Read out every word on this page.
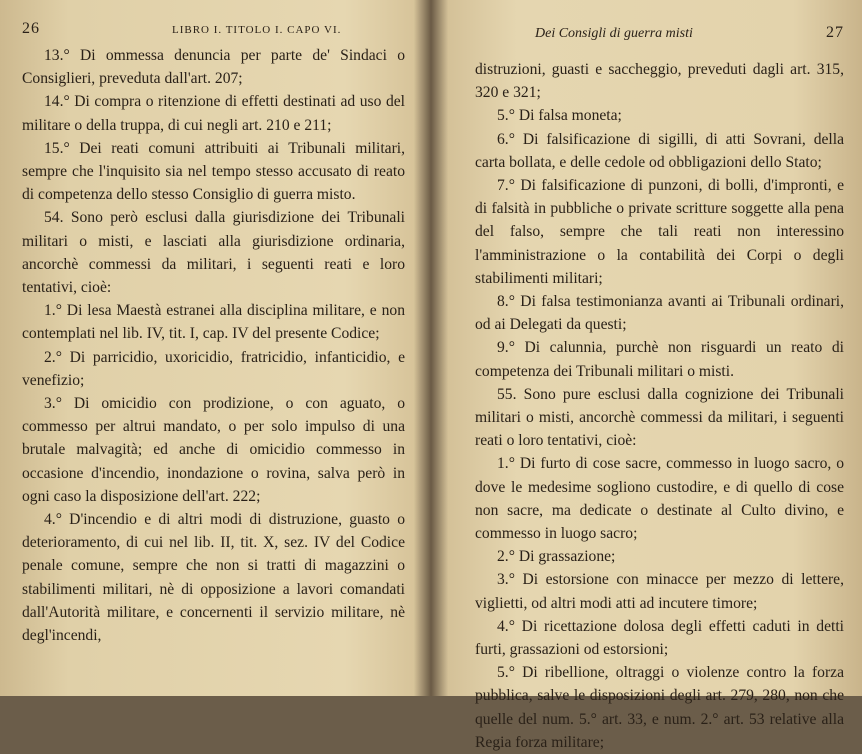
26	LIBRO I. TITOLO I. CAPO VI.

13.° Di ommessa denuncia per parte de' Sindaci o Consiglieri, preveduta dall'art. 207;

14.° Di compra o ritenzione di effetti destinati ad uso del militare o della truppa, di cui negli art. 210 e 211;

15.° Dei reati comuni attribuiti ai Tribunali militari, sempre che l'inquisito sia nel tempo stesso accusato di reato di competenza dello stesso Consiglio di guerra misto.

54. Sono però esclusi dalla giurisdizione dei Tribunali militari o misti, e lasciati alla giurisdizione ordinaria, ancorchè commessi da militari, i seguenti reati e loro tentativi, cioè:

1.° Di lesa Maestà estranei alla disciplina militare, e non contemplati nel lib. IV, tit. I, cap. IV del presente Codice;

2.° Di parricidio, uxoricidio, fratricidio, infanticidio, e venefizio;

3.° Di omicidio con prodizione, o con aguato, o commesso per altrui mandato, o per solo impulso di una brutale malvagità; ed anche di omicidio commesso in occasione d'incendio, inondazione o rovina, salva però in ogni caso la disposizione dell'art. 222;

4.° D'incendio e di altri modi di distruzione, guasto o deterioramento, di cui nel lib. II, tit. X, sez. IV del Codice penale comune, sempre che non si tratti di magazzini o stabilimenti militari, nè di opposizione a lavori comandati dall'Autorità militare, e concernenti il servizio militare, nè degl'incendi,

Dei Consigli di guerra misti	27

distruzioni, guasti e saccheggio, preveduti dagli art. 315, 320 e 321;

5.° Di falsa moneta;

6.° Di falsificazione di sigilli, di atti Sovrani, della carta bollata, e delle cedole od obbligazioni dello Stato;

7.° Di falsificazione di punzoni, di bolli, d'impronti, e di falsità in pubbliche o private scritture soggette alla pena del falso, sempre che tali reati non interessino l'amministrazione o la contabilità dei Corpi o degli stabilimenti militari;

8.° Di falsa testimonianza avanti ai Tribunali ordinari, od ai Delegati da questi;

9.° Di calunnia, purchè non risguardi un reato di competenza dei Tribunali militari o misti.

55. Sono pure esclusi dalla cognizione dei Tribunali militari o misti, ancorchè commessi da militari, i seguenti reati o loro tentativi, cioè:

1.° Di furto di cose sacre, commesso in luogo sacro, o dove le medesime sogliono custodire, e di quello di cose non sacre, ma dedicate o destinate al Culto divino, e commesso in luogo sacro;

2.° Di grassazione;

3.° Di estorsione con minacce per mezzo di lettere, viglietti, od altri modi atti ad incutere timore;

4.° Di ricettazione dolosa degli effetti caduti in detti furti, grassazioni od estorsioni;

5.° Di ribellione, oltraggi o violenze contro la forza pubblica, salve le disposizioni degli art. 279, 280, non che quelle del num. 5.° art. 33, e num. 2.° art. 53 relative alla Regia forza militare;
